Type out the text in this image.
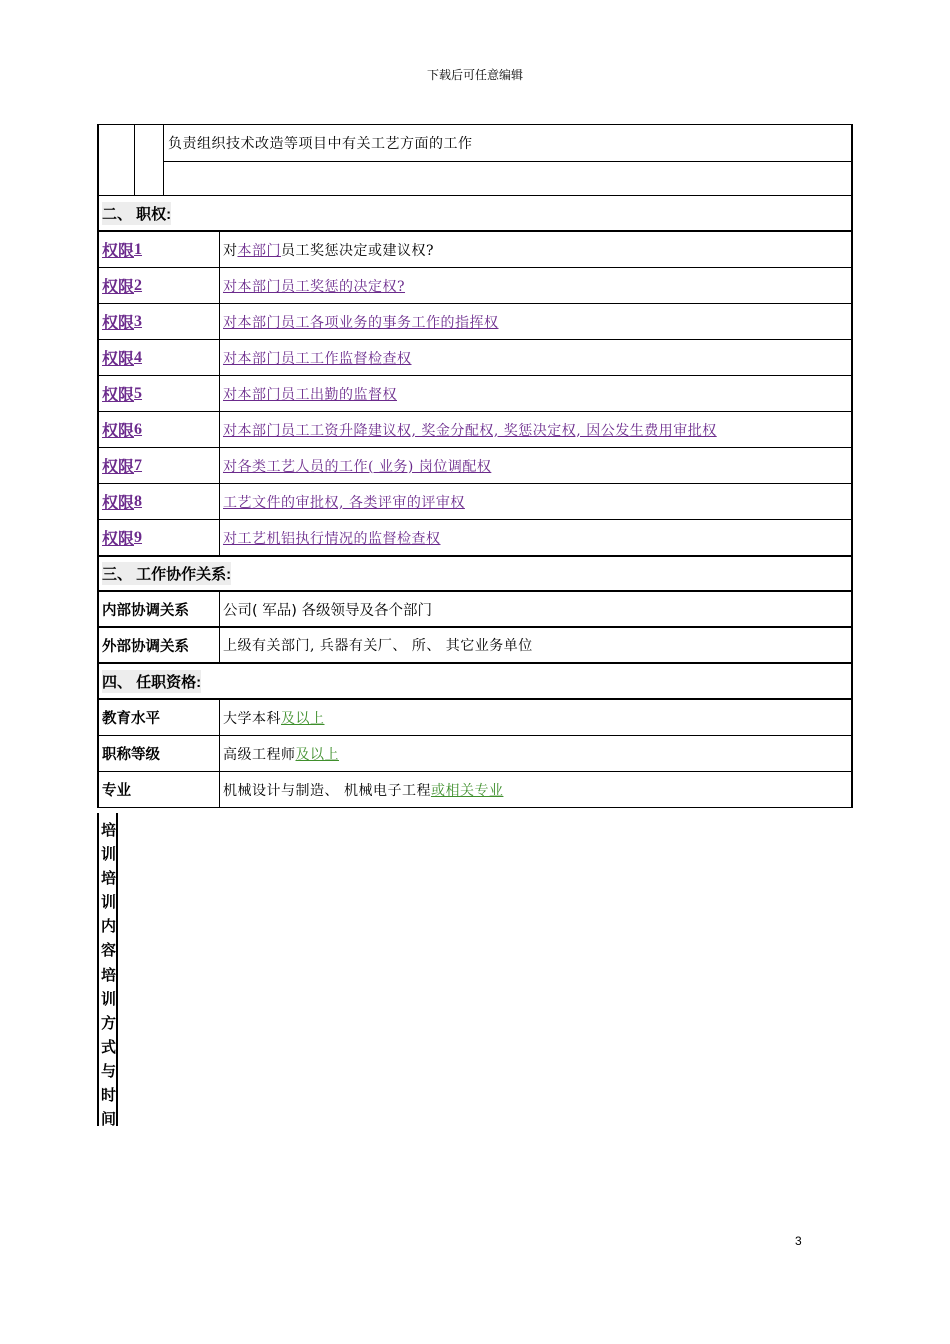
下载后可任意编辑
负责组织技术改造等项目中有关工艺方面的工作
二、 职权:
权限 1	对 本部门 员工奖惩决定或建议权?
权限 2	对本部门员工奖惩的决定权?
权限 3	对本部门员工各项业务的事务工作的指挥权
权限 4	对本部门员工工作监督检查权
权限 5	对本部门员工出勤的监督权
权限 6	对本部门员工工资升降建议权, 奖金分配权, 奖惩决定权, 因公发生费用审批权
权限 7	对各类工艺人员的工作( 业务) 岗位调配权
权限 8	工艺文件的审批权, 各类评审的评审权
权限 9	对工艺机铝执行情况的监督检查权
三、 工作协作关系:
内部协调关系	公司( 军品) 各级领导及各个部门
外部协调关系	上级有关部门, 兵器有关厂、 所、 其它业务单位
四、 任职资格:
教育水平	大学本科 及以上
职称等级	高级工程师 及以上
专业	机械设计与制造、 机械电子工程 或相关专业
培训培训内容培训方式与时间
3
